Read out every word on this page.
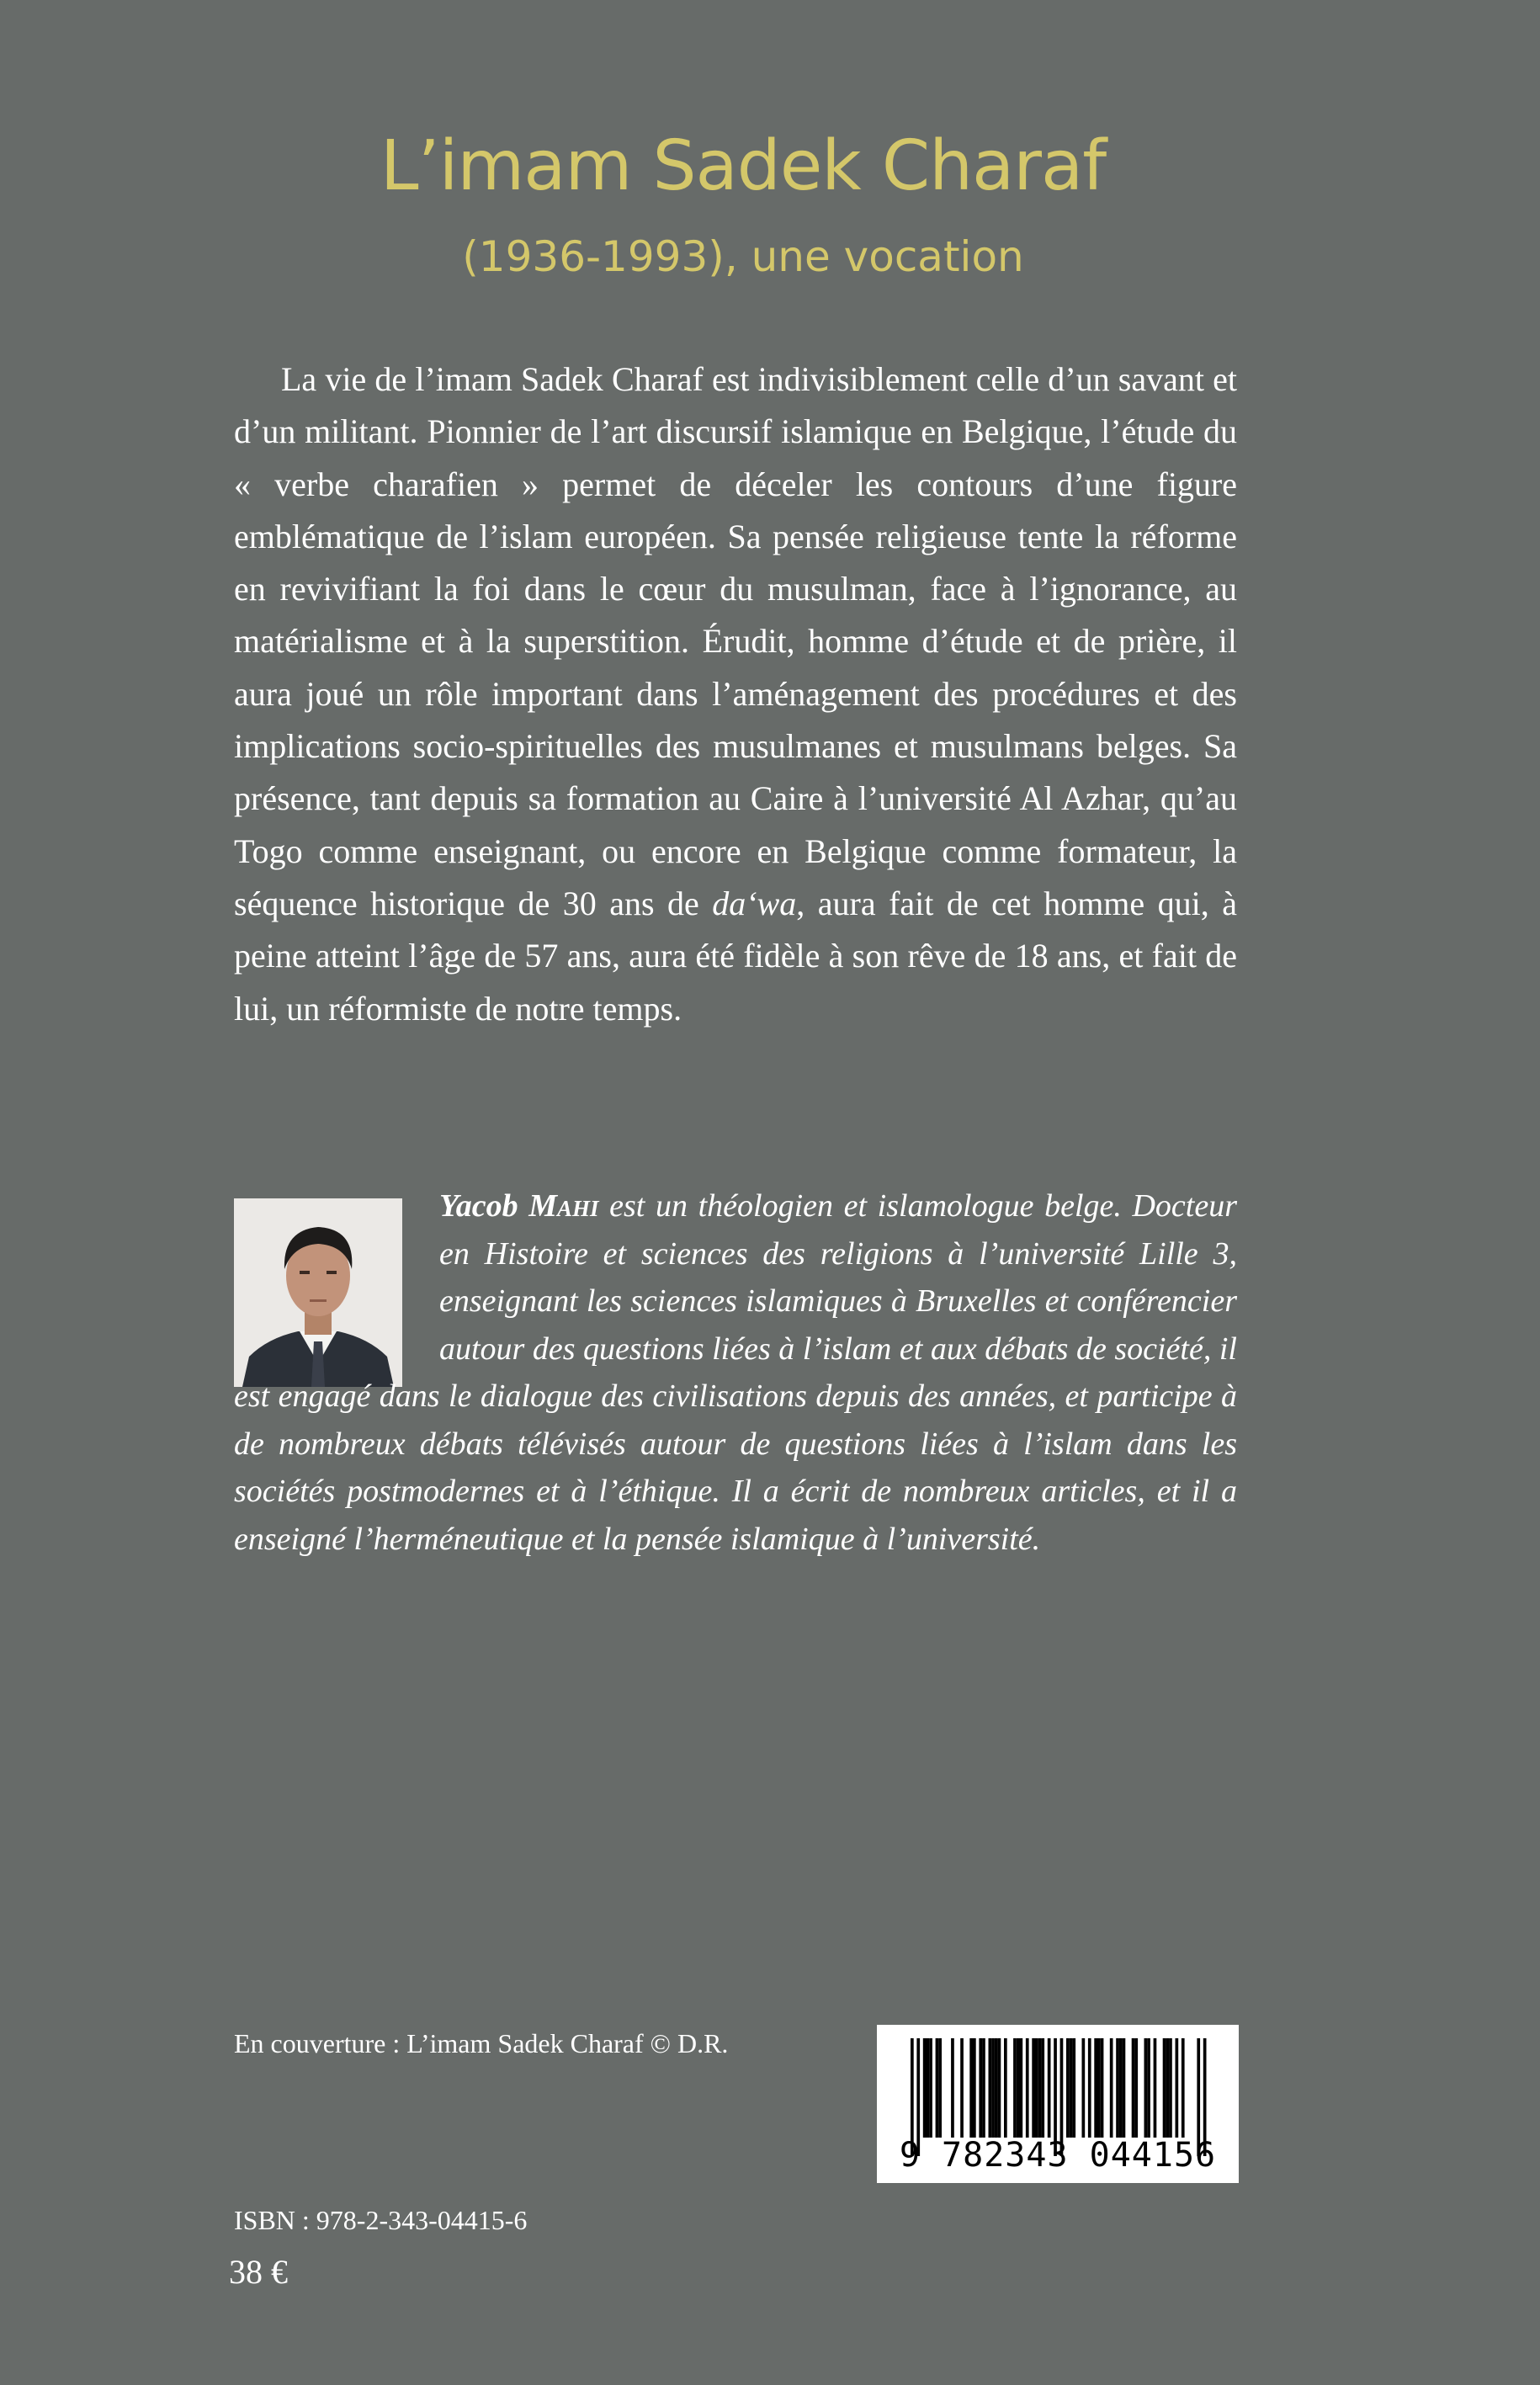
L’imam Sadek Charaf
(1936-1993), une vocation

La vie de l’imam Sadek Charaf est indivisiblement celle d’un savant et d’un militant. Pionnier de l’art discursif islamique en Belgique, l’étude du « verbe charafien » permet de déceler les contours d’une figure emblématique de l’islam européen. Sa pensée religieuse tente la réforme en revivifiant la foi dans le cœur du musulman, face à l’ignorance, au matérialisme et à la superstition. Érudit, homme d’étude et de prière, il aura joué un rôle important dans l’aménagement des procédures et des implications socio-spirituelles des musulmanes et musulmans belges. Sa présence, tant depuis sa formation au Caire à l’université Al Azhar, qu’au Togo comme enseignant, ou encore en Belgique comme formateur, la séquence historique de 30 ans de da‘wa, aura fait de cet homme qui, à peine atteint l’âge de 57 ans, aura été fidèle à son rêve de 18 ans, et fait de lui, un réformiste de notre temps.

Yacob Mahi est un théologien et islamologue belge. Docteur en Histoire et sciences des religions à l’université Lille 3, enseignant les sciences islamiques à Bruxelles et conférencier autour des questions liées à l’islam et aux débats de société, il est engagé dans le dialogue des civilisations depuis des années, et participe à de nombreux débats télévisés autour de questions liées à l’islam dans les sociétés postmodernes et à l’éthique. Il a écrit de nombreux articles, et il a enseigné l’herméneutique et la pensée islamique à l’université.

En couverture : L’imam Sadek Charaf © D.R.

ISBN : 978-2-343-04415-6

38 €

9 782343 044156
